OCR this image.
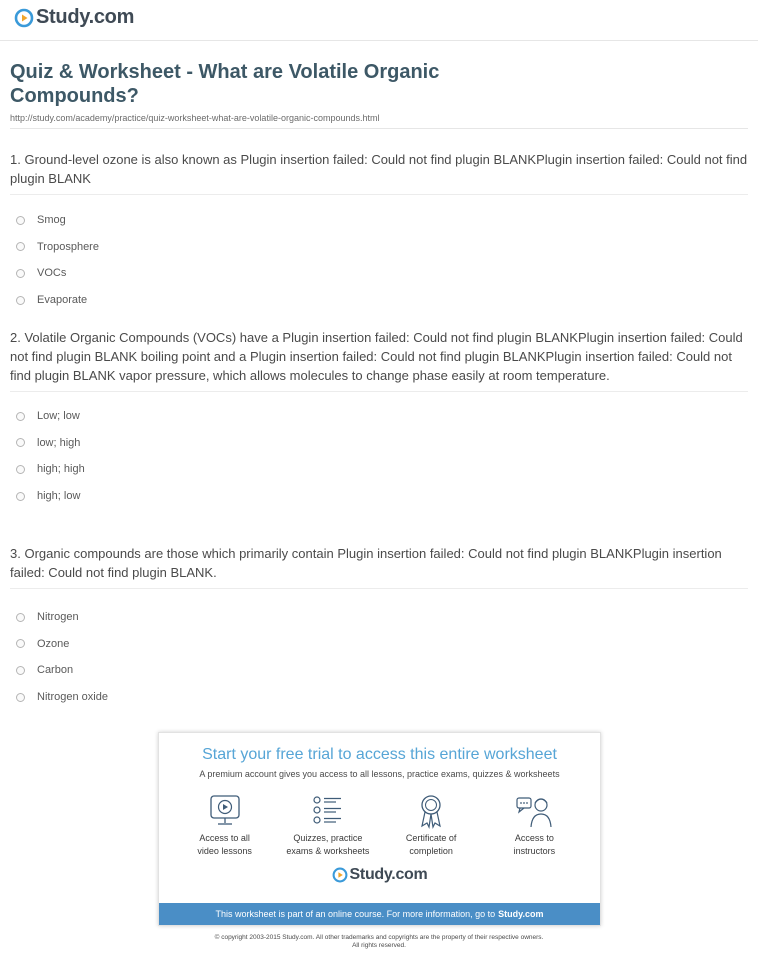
Study.com
Quiz & Worksheet - What are Volatile Organic Compounds?
http://study.com/academy/practice/quiz-worksheet-what-are-volatile-organic-compounds.html
1. Ground-level ozone is also known as Plugin insertion failed: Could not find plugin BLANKPlugin insertion failed: Could not find plugin BLANK
Smog
Troposphere
VOCs
Evaporate
2. Volatile Organic Compounds (VOCs) have a Plugin insertion failed: Could not find plugin BLANKPlugin insertion failed: Could not find plugin BLANK boiling point and a Plugin insertion failed: Could not find plugin BLANKPlugin insertion failed: Could not find plugin BLANK vapor pressure, which allows molecules to change phase easily at room temperature.
Low; low
low; high
high; high
high; low
3. Organic compounds are those which primarily contain Plugin insertion failed: Could not find plugin BLANKPlugin insertion failed: Could not find plugin BLANK.
Nitrogen
Ozone
Carbon
Nitrogen oxide
Start your free trial to access this entire worksheet
A premium account gives you access to all lessons, practice exams, quizzes & worksheets
Access to all
video lessons
Quizzes, practice
exams & worksheets
Certificate of
completion
Access to
instructors
Study.com
This worksheet is part of an online course. For more information, go to Study.com
© copyright 2003-2015 Study.com. All other trademarks and copyrights are the property of their respective owners.
All rights reserved.
